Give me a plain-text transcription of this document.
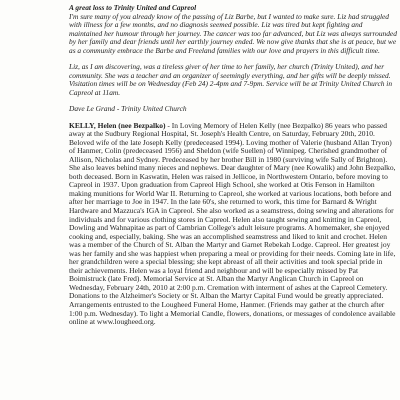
A great loss to Trinity United and Capreol
I'm sure many of you already know of the passing of Liz Barbe, but I wanted to make sure. Liz had struggled with illness for a few months, and no diagnosis seemed possible. Liz was tired but kept fighting and maintained her humour through her journey. The cancer was too far advanced, but Liz was always surrounded by her family and dear friends until her earthly journey ended. We now give thanks that she is at peace, but we as a community embrace the Barbe and Freeland families with our love and prayers in this difficult time.

Liz, as I am discovering, was a tireless giver of her time to her family, her church (Trinity United), and her community. She was a teacher and an organizer of seemingly everything, and her gifts will be deeply missed. Visitation times will be on Wednesday (Feb 24) 2-4pm and 7-9pm. Service will be at Trinity United Church in Capreol at 11am.

Dave Le Grand - Trinity United Church

KELLY, Helen (nee Bezpalko) - In Loving Memory of Helen Kelly (nee Bezpalko) 86 years who passed away at the Sudbury Regional Hospital, St. Joseph's Health Centre, on Saturday, February 20th, 2010. Beloved wife of the late Joseph Kelly (predeceased 1994). Loving mother of Valerie (husband Allan Tryon) of Hanmer, Colin (predeceased 1956) and Sheldon (wife Suellen) of Winnipeg. Cherished grandmother of Allison, Nicholas and Sydney. Predeceased by her brother Bill in 1980 (surviving wife Sally of Brighton). She also leaves behind many nieces and nephews. Dear daughter of Mary (nee Kowalik) and John Bezpalko, both deceased. Born in Kaswatin, Helen was raised in Jellicoe, in Northwestern Ontario, before moving to Capreol in 1937. Upon graduation from Capreol High School, she worked at Otis Fenson in Hamilton making munitions for World War II. Returning to Capreol, she worked at various locations, both before and after her marriage to Joe in 1947. In the late 60's, she returned to work, this time for Barnard & Wright Hardware and Mazzuca's IGA in Capreol. She also worked as a seamstress, doing sewing and alterations for individuals and for various clothing stores in Capreol. Helen also taught sewing and knitting in Capreol, Dowling and Wahnapitae as part of Cambrian College's adult leisure programs. A homemaker, she enjoyed cooking and, especially, baking. She was an accomplished seamstress and liked to knit and crochet. Helen was a member of the Church of St. Alban the Martyr and Garnet Rebekah Lodge. Capreol. Her greatest joy was her family and she was happiest when preparing a meal or providing for their needs. Coming late in life, her grandchildren were a special blessing; she kept abreast of all their activities and took special pride in their achievements. Helen was a loyal friend and neighbour and will be especially missed by Pat Boimistruck (late Fred). Memorial Service at St. Alban the Martyr Anglican Church in Capreol on Wednesday, February 24th, 2010 at 2:00 p.m. Cremation with interment of ashes at the Capreol Cemetery. Donations to the Alzheimer's Society or St. Alban the Martyr Capital Fund would be greatly appreciated. Arrangements entrusted to the Lougheed Funeral Home, Hanmer. (Friends may gather at the church after 1:00 p.m. Wednesday). To light a Memorial Candle, flowers, donations, or messages of condolence available online at www.lougheed.org.
